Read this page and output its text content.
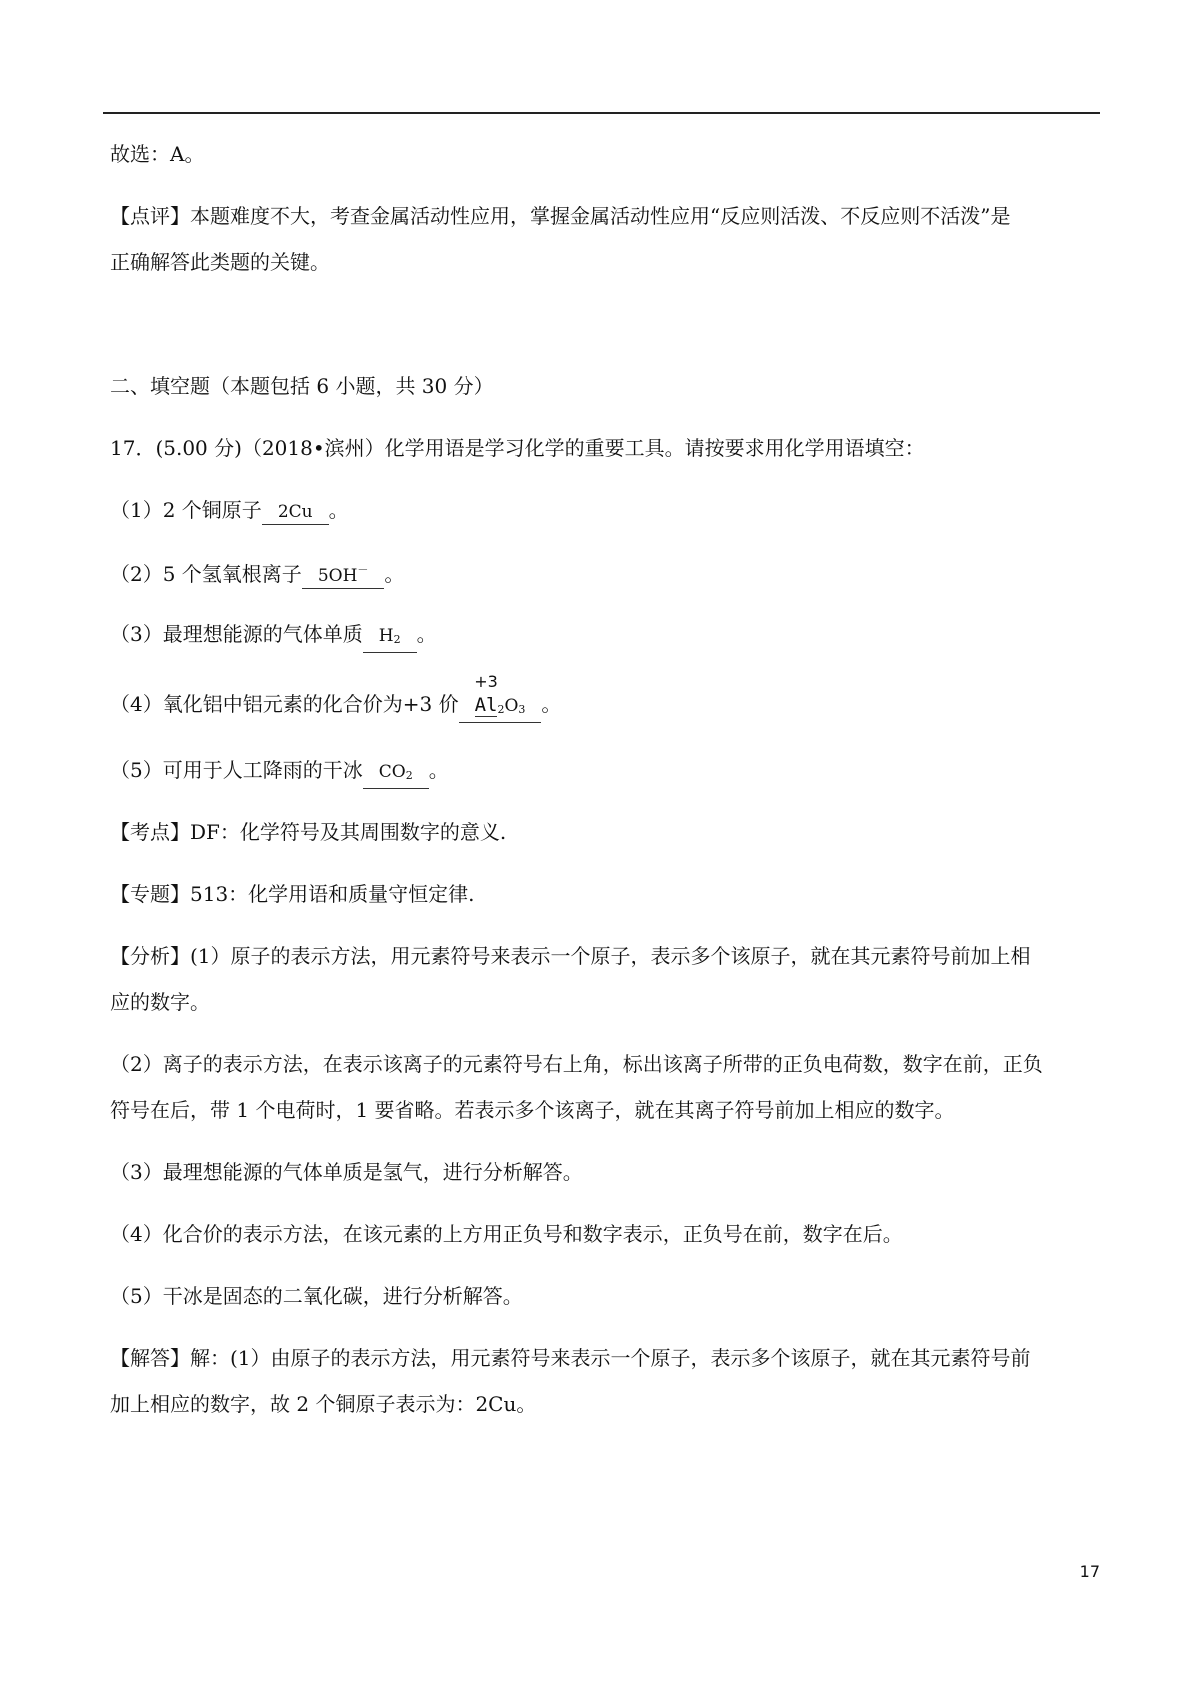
故选：A。
【点评】本题难度不大，考查金属活动性应用，掌握金属活动性应用“反应则活泼、不反应则不活泼”是
正确解答此类题的关键。
二、填空题（本题包括 6 小题，共 30 分）
17．(5.00 分)（2018•滨州）化学用语是学习化学的重要工具。请按要求用化学用语填空：
（1）2 个铜原子 2Cu 。
（2）5 个氢氧根离子 5OH－ 。
（3）最理想能源的气体单质 $H_2$ 。
（4）氧化铝中铝元素的化合价为+3 价
+3
$Al_2O_3$ 。
（5）可用于人工降雨的干冰 $CO_2$ 。
【考点】DF：化学符号及其周围数字的意义.
【专题】513：化学用语和质量守恒定律.
【分析】(1）原子的表示方法，用元素符号来表示一个原子，表示多个该原子，就在其元素符号前加上相
应的数字。
（2）离子的表示方法，在表示该离子的元素符号右上角，标出该离子所带的正负电荷数，数字在前，正负
符号在后，带 1 个电荷时，1 要省略。若表示多个该离子，就在其离子符号前加上相应的数字。
（3）最理想能源的气体单质是氢气，进行分析解答。
（4）化合价的表示方法，在该元素的上方用正负号和数字表示，正负号在前，数字在后。
（5）干冰是固态的二氧化碳，进行分析解答。
【解答】解：(1）由原子的表示方法，用元素符号来表示一个原子，表示多个该原子，就在其元素符号前
加上相应的数字，故 2 个铜原子表示为：2Cu。
17
